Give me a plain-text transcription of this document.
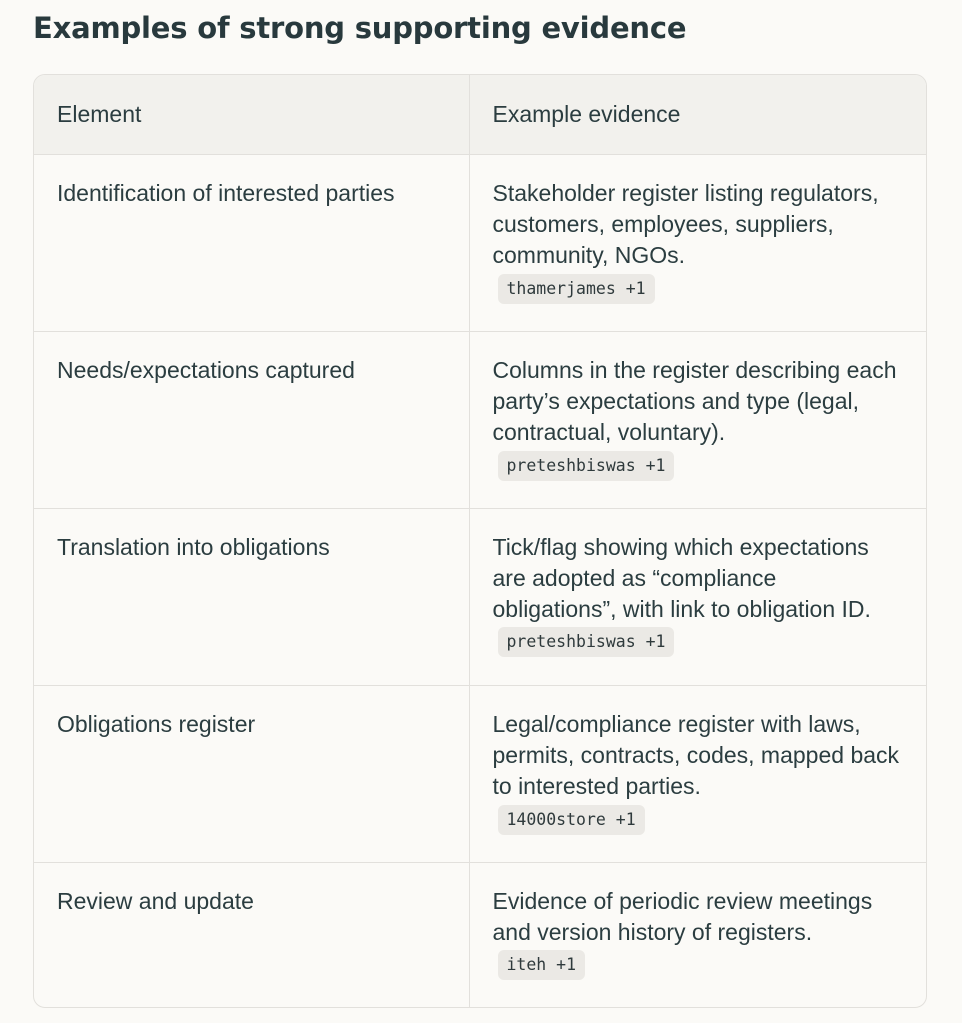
Examples of strong supporting evidence
Element	Example evidence
Identification of interested parties	Stakeholder register listing regulators, customers, employees, suppliers, community, NGOs.
thamerjames +1
Needs/expectations captured	Columns in the register describing each party’s expectations and type (legal, contractual, voluntary).
preteshbiswas +1
Translation into obligations	Tick/flag showing which expectations are adopted as “compliance obligations”, with link to obligation ID. preteshbiswas +1
Obligations register	Legal/compliance register with laws, permits, contracts, codes, mapped back to interested parties.
14000store +1
Review and update	Evidence of periodic review meetings and version history of registers. iteh +1
